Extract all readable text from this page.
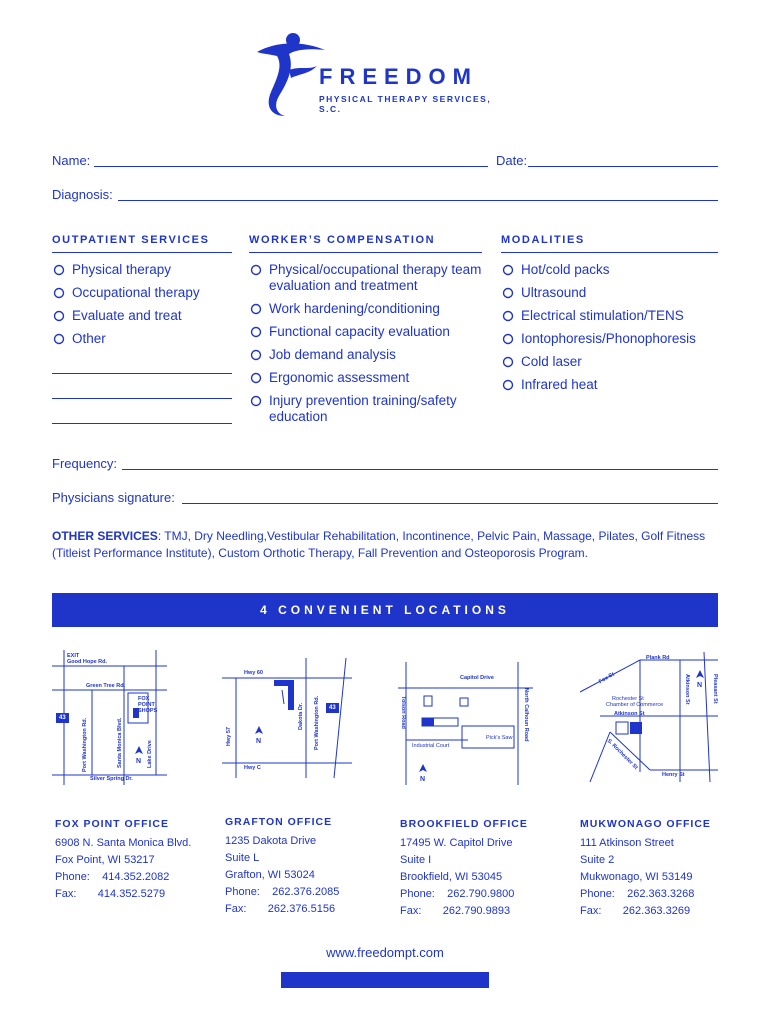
FREEDOM
PHYSICAL THERAPY SERVICES, S.C.
Name:	Date:
Diagnosis:
OUTPATIENT SERVICES	WORKER’S COMPENSATION	MODALITIES
Physical therapy
Occupational therapy
Evaluate and treat
Other
Physical/occupational therapy team evaluation and treatment
Work hardening/conditioning
Functional capacity evaluation
Job demand analysis
Ergonomic assessment
Injury prevention training/safety education
Hot/cold packs
Ultrasound
Electrical stimulation/TENS
Iontophoresis/Phonophoresis
Cold laser
Infrared heat
Frequency:
Physicians signature:
OTHER SERVICES: TMJ, Dry Needling,Vestibular Rehabilitation, Incontinence, Pelvic Pain, Massage, Pilates, Golf Fitness (Titleist Performance Institute), Custom Orthotic Therapy, Fall Prevention and Osteoporosis Program.
4 CONVENIENT LOCATIONS
EXIT
Good Hope Rd.
Green Tree Rd.
FOX POINT SHOPS
43	Port Washington Rd.	Santa Monica Blvd.	Lake Drive
N
Silver Spring Dr.
Hwy 60
Hwy 57
Dakota Dr. Port Washington Rd.	43
N
Hwy C
Capitol Drive
Tolson Road	North Calhoun Road
Industrial Court
Pick's Saw
N
Plank Rd
Fox St	Atkinson St
Rochester St
Chamber of Commerce
Atkinson St
S. Rochester St
Pleasant St
N
Henry St
FOX POINT OFFICE
6908 N. Santa Monica Blvd.
Fox Point, WI 53217
Phone:    414.352.2082
Fax:       414.352.5279
GRAFTON OFFICE
1235 Dakota Drive
Suite L
Grafton, WI 53024
Phone:    262.376.2085
Fax:       262.376.5156
BROOKFIELD OFFICE
17495 W. Capitol Drive
Suite I
Brookfield, WI 53045
Phone:    262.790.9800
Fax:       262.790.9893
MUKWONAGO OFFICE
111 Atkinson Street
Suite 2
Mukwonago, WI 53149
Phone:    262.363.3268
Fax:       262.363.3269
www.freedompt.com
